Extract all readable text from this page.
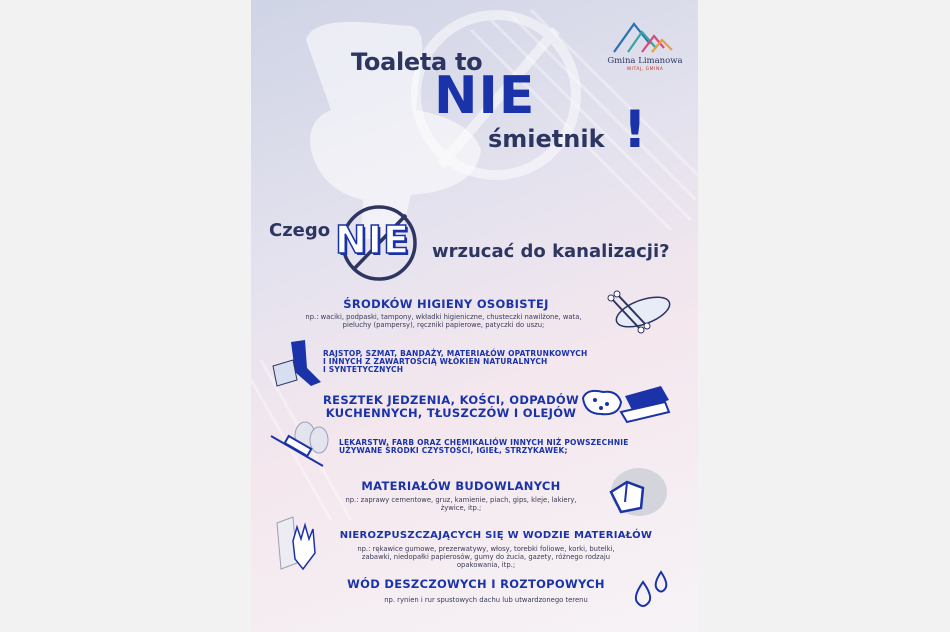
Toaleta to
NIE
śmietnik !
Gmina Limanowa
WITAJ, GMINA
Czego NIE wrzucać do kanalizacji?
ŚRODKÓW HIGIENY OSOBISTEJ
np.: waciki, podpaski, tampony, wkładki higieniczne, chusteczki nawilżone, wata,
pieluchy (pampersy), ręczniki papierowe, patyczki do uszu;
RAJSTOP, SZMAT, BANDAŻY, MATERIAŁÓW OPATRUNKOWYCH
I INNYCH Z ZAWARTOŚCIĄ WŁÓKIEN NATURALNYCH
I SYNTETYCZNYCH
RESZTEK JEDZENIA, KOŚCI, ODPADÓW
KUCHENNYCH, TŁUSZCZÓW I OLEJÓW
LEKARSTW, FARB ORAZ CHEMIKALIÓW INNYCH NIŻ POWSZECHNIE
UŻYWANE ŚRODKI CZYSTOŚCI, IGIEŁ, STRZYKAWEK;
MATERIAŁÓW BUDOWLANYCH
np.: zaprawy cementowe, gruz, kamienie, piach, gips, kleje, lakiery,
żywice, itp.;
NIEROZPUSZCZAJĄCYCH SIĘ W WODZIE MATERIAŁÓW
np.: rękawice gumowe, prezerwatywy, włosy, torebki foliowe, korki, butelki,
zabawki, niedopałki papierosów, gumy do żucia, gazety, różnego rodzaju
opakowania, itp.;
WÓD DESZCZOWYCH I ROZTOPOWYCH
np. rynien i rur spustowych dachu lub utwardzonego terenu
